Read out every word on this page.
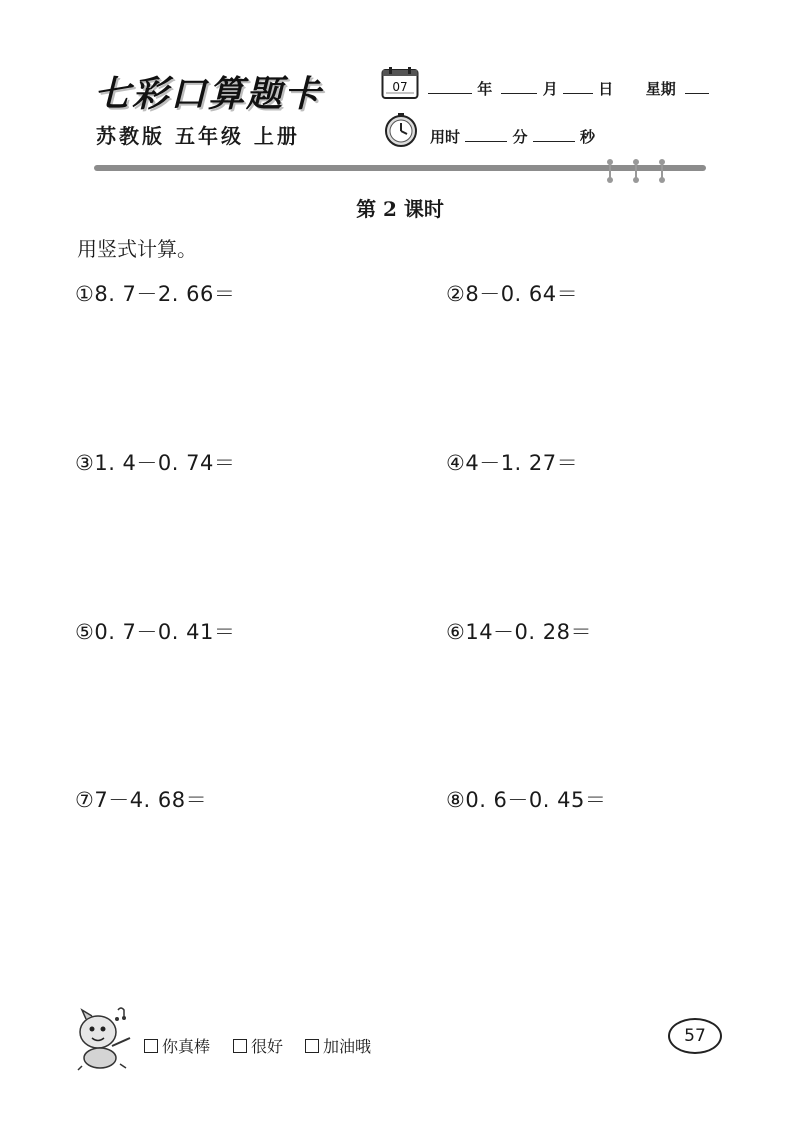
七彩口算题卡
苏教版 五年级 上册
07	年	月	日 星期
用时	分	秒
第 2 课时
用竖式计算。
①8. 7－2. 66＝	②8－0. 64＝
③1. 4－0. 74＝	④4－1. 27＝
⑤0. 7－0. 41＝	⑥14－0. 28＝
⑦7－4. 68＝	⑧0. 6－0. 45＝
你真棒	很好 加油哦
57
